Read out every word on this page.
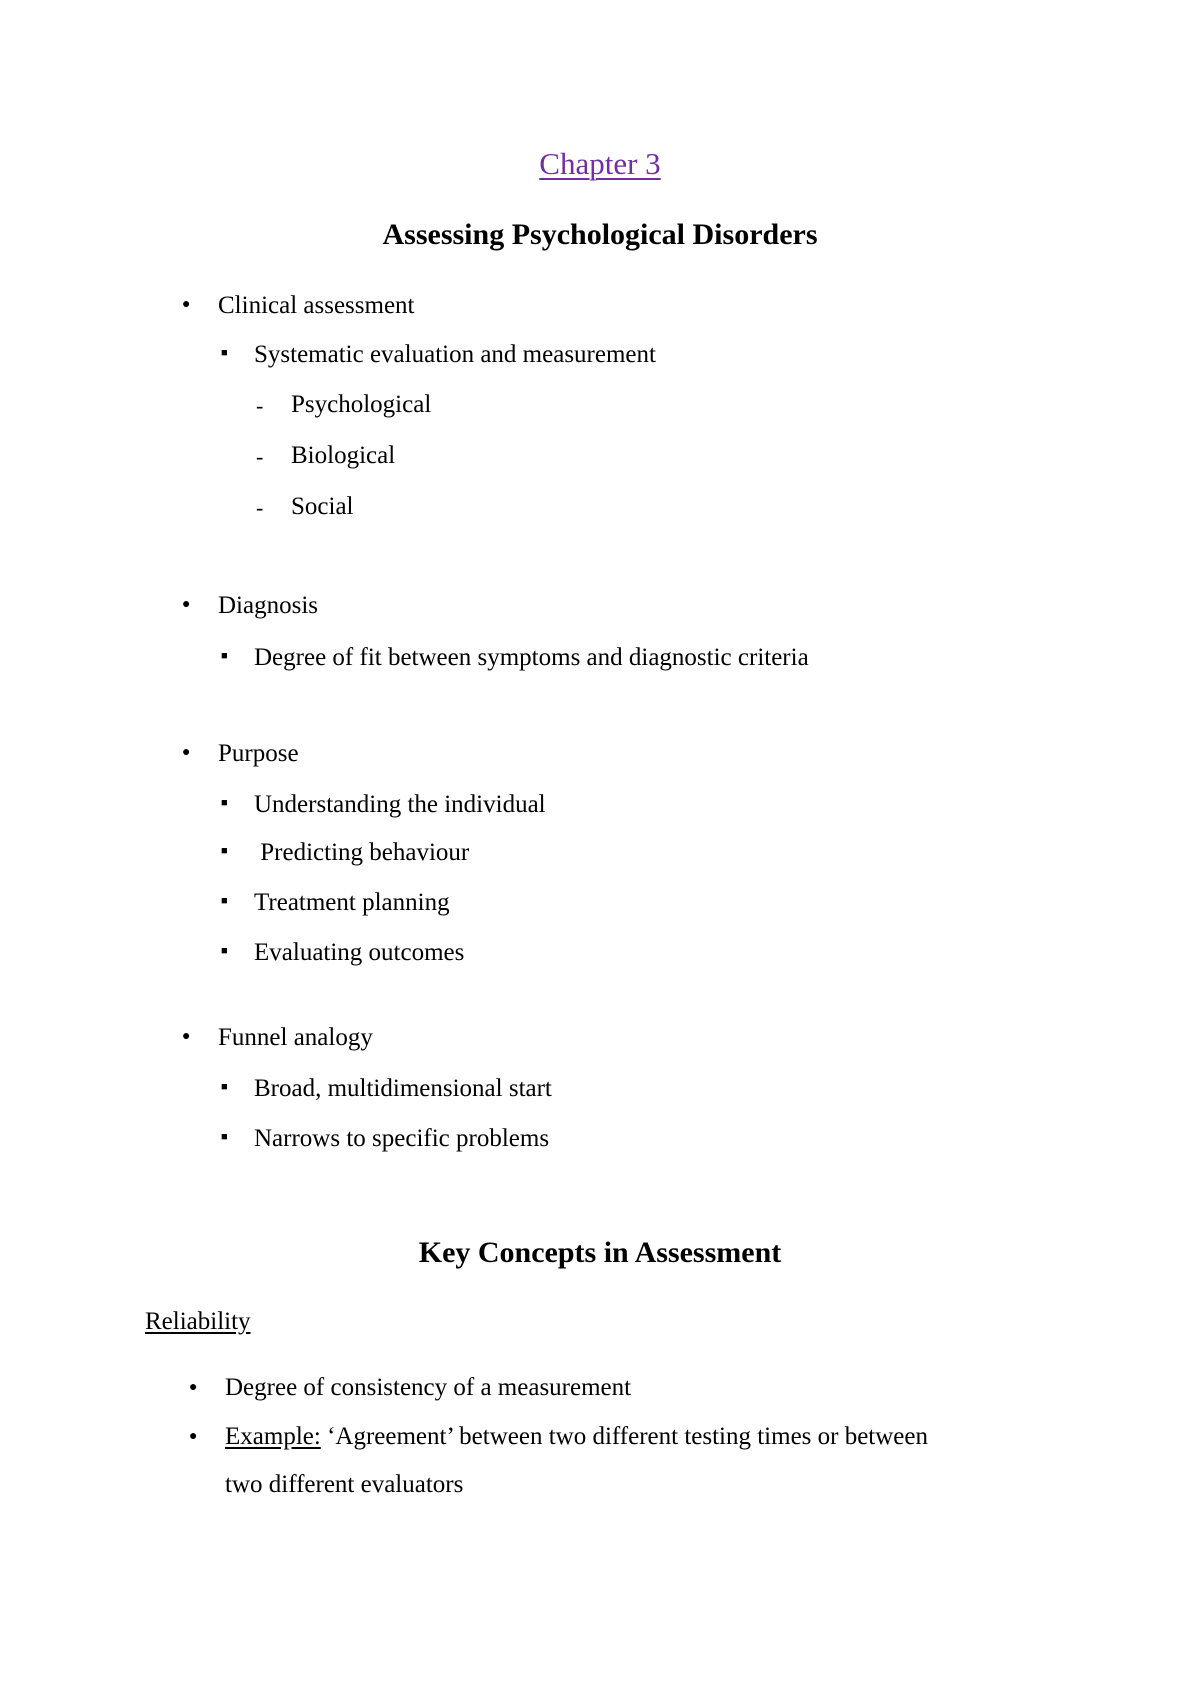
Chapter 3
Assessing Psychological Disorders
● Clinical assessment
■ Systematic evaluation and measurement
- Psychological
- Biological
- Social
● Diagnosis
■ Degree of fit between symptoms and diagnostic criteria
● Purpose
■ Understanding the individual
■ Predicting behaviour
■ Treatment planning
■ Evaluating outcomes
● Funnel analogy
■ Broad, multidimensional start
■ Narrows to specific problems
Key Concepts in Assessment
Reliability
● Degree of consistency of a measurement
● Example: ‘Agreement’ between two different testing times or between
two different evaluators
